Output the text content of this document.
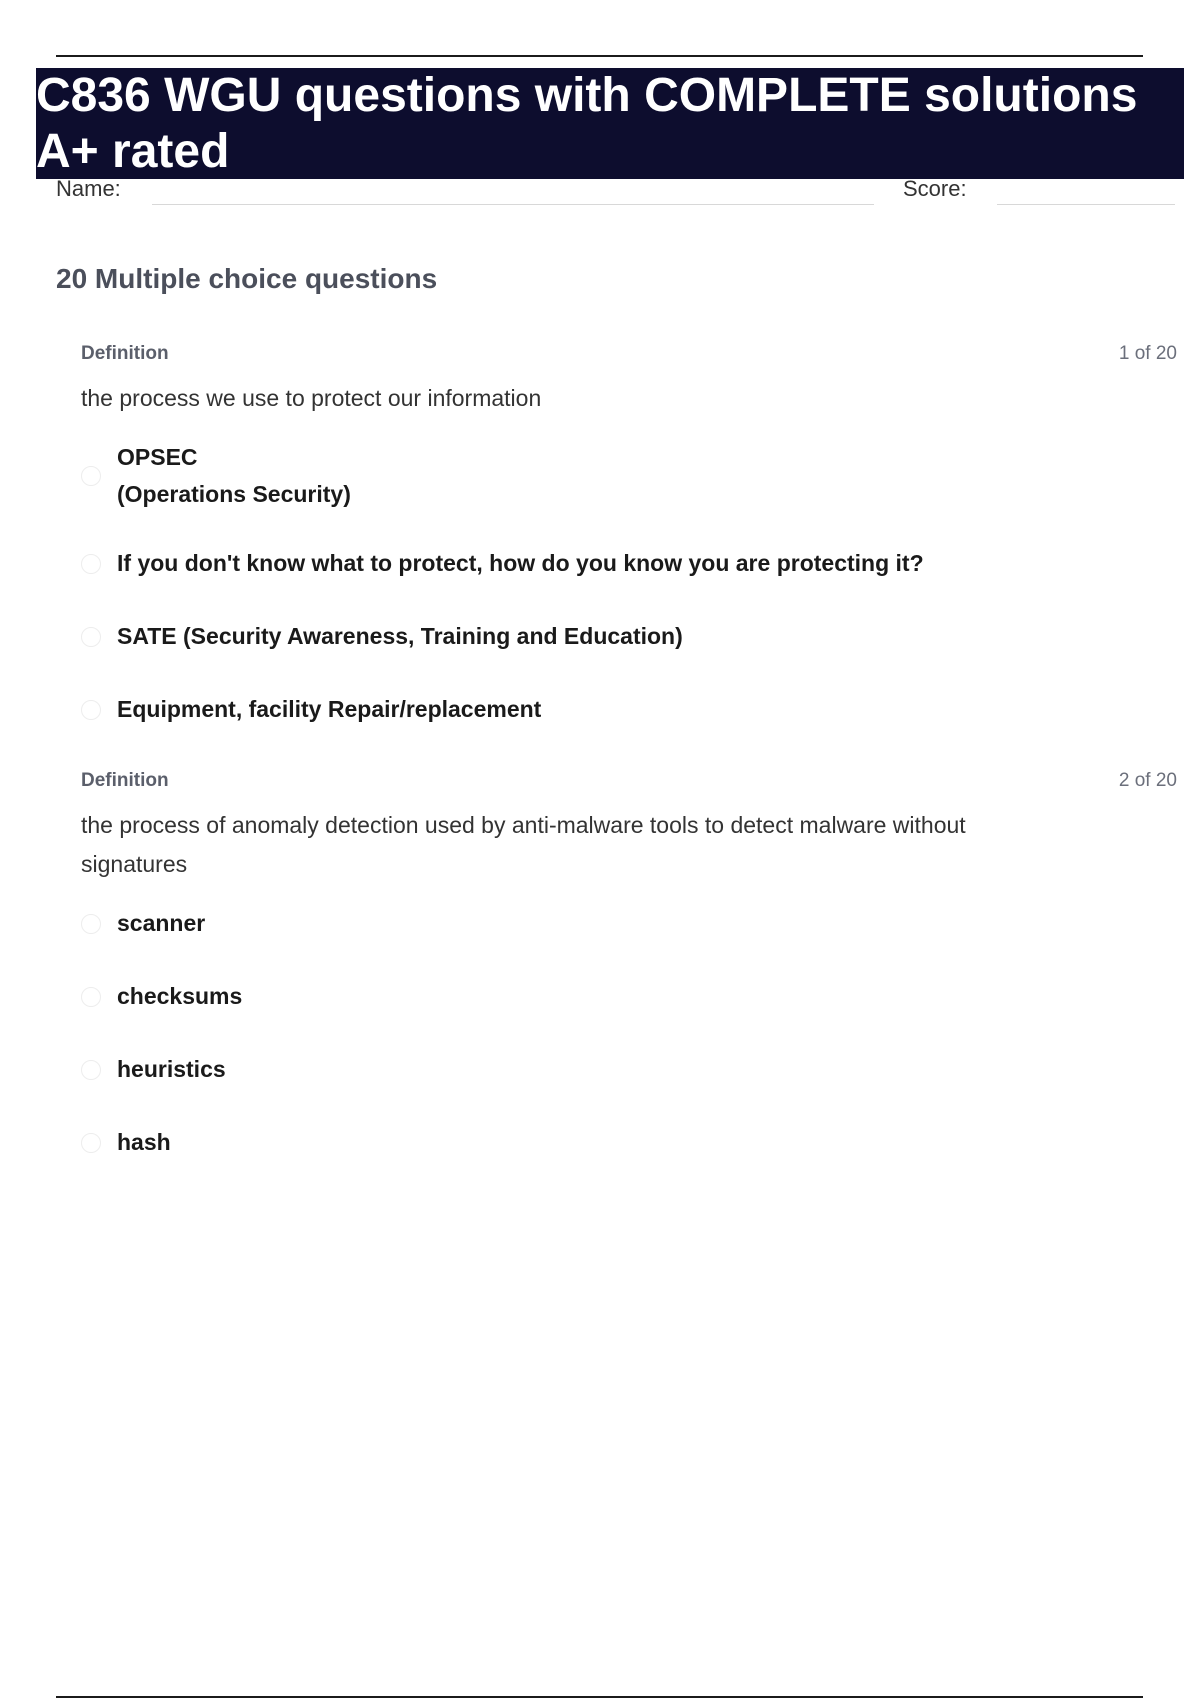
C836 WGU questions with COMPLETE solutions A+ rated
Name:	Score:
20 Multiple choice questions
Definition	1 of 20
the process we use to protect our information
OPSEC
(Operations Security)
If you don't know what to protect, how do you know you are protecting it?
SATE (Security Awareness, Training and Education)
Equipment, facility Repair/replacement
Definition	2 of 20
the process of anomaly detection used by anti-malware tools to detect malware without signatures
scanner
checksums
heuristics
hash
